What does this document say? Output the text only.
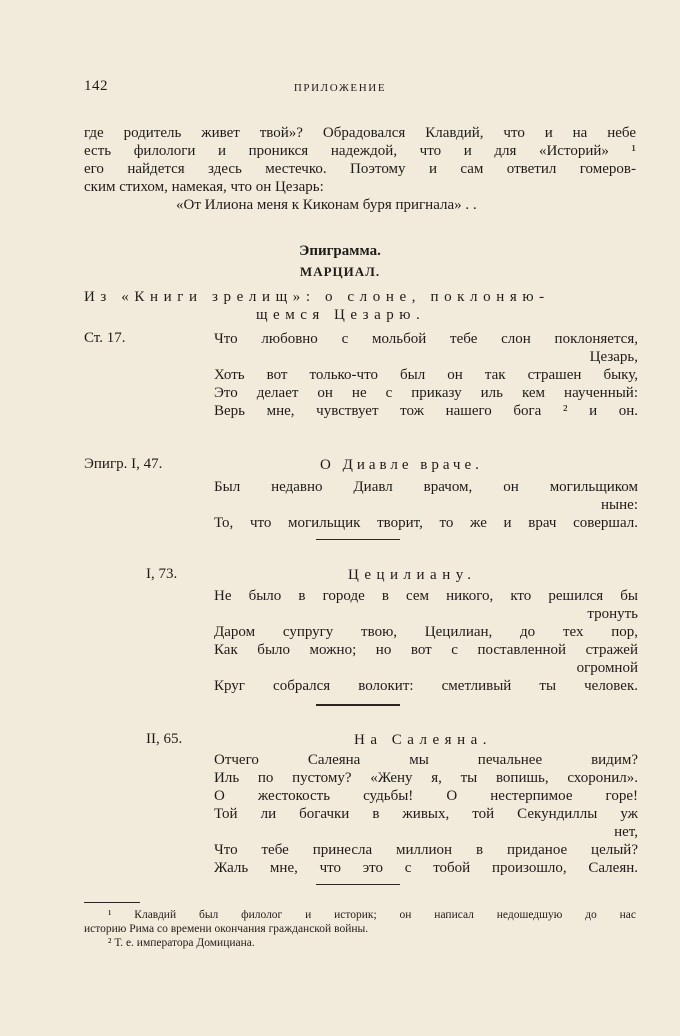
142	ПРИЛОЖЕНИЕ
где родитель живет твой»? Обрадовался Клавдий, что и на небе
есть филологи и проникся надеждой, что и для «Историй» ¹
его найдется здесь местечко. Поэтому и сам ответил гомеров-
ским стихом, намекая, что он Цезарь:
«От Илиона меня к Киконам буря пригнала» . .
Эпиграмма.
МАРЦИАЛ.
Из «Книги зрелищ»: о слоне, поклоняю-
щемся Цезарю.
Ст. 17.	Что любовно с мольбой тебе слон поклоняется,
Цезарь,
Хоть вот только-что был он так страшен быку,
Это делает он не с приказу иль кем наученный:
Верь мне, чувствует тож нашего бога ² и он.
Эпигр. I, 47.	О Диавле враче.
Был недавно Диавл врачом, он могильщиком
ныне:
То, что могильщик творит, то же и врач совершал.
I, 73.	Цецилиану.
Не было в городе в сем никого, кто решился бы
тронуть
Даром супругу твою, Цецилиан, до тех пор,
Как было можно; но вот с поставленной стражей
огромной
Круг собрался волокит: сметливый ты человек.
II, 65.	На Салеяна.
Отчего Салеяна мы печальнее видим?
Иль по пустому? «Жену я, ты вопишь, схоронил».
О жестокость судьбы! О нестерпимое горе!
Той ли богачки в живых, той Секундиллы уж
нет,
Что тебе принесла миллион в приданое целый?
Жаль мне, что это с тобой произошло, Салеян.
¹ Клавдий был филолог и историк; он написал недошедшую до нас
историю Рима со времени окончания гражданской войны.
² Т. е. императора Домициана.
